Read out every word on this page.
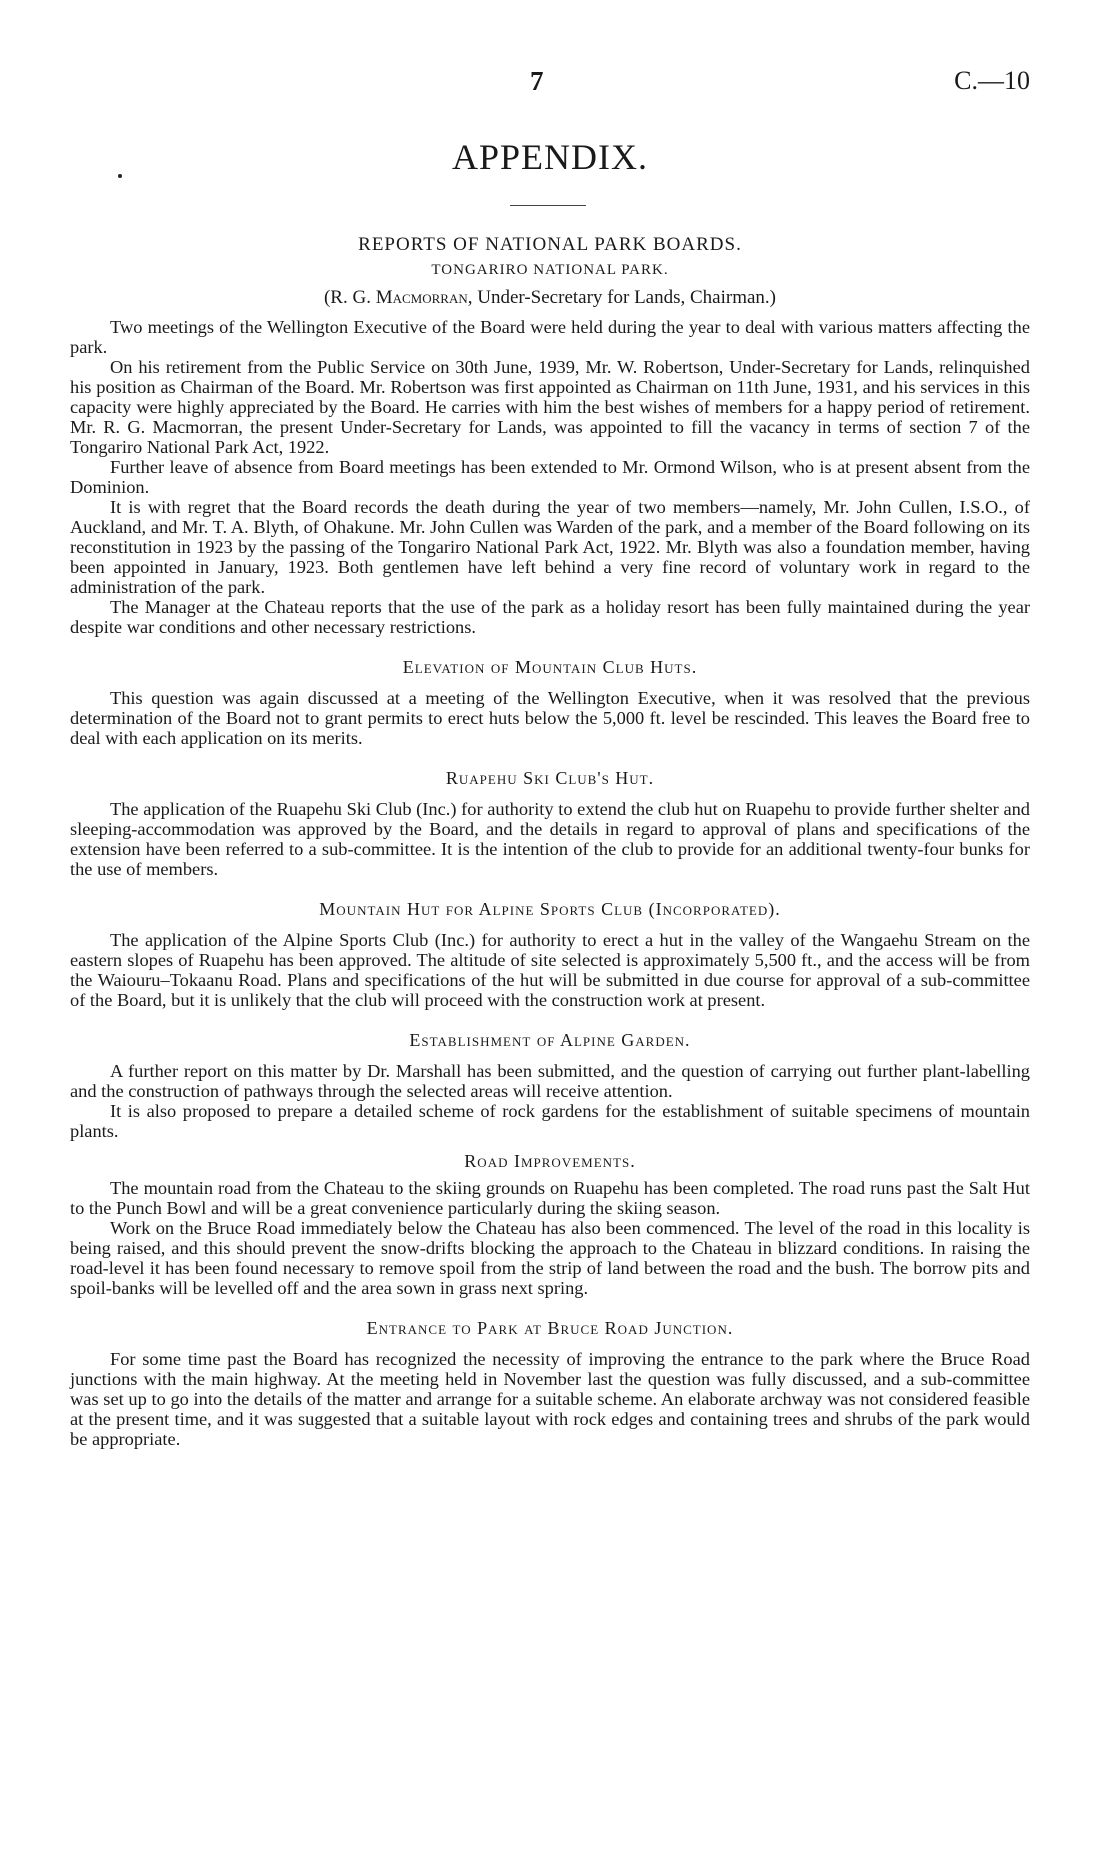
7	C.—10
APPENDIX.
REPORTS OF NATIONAL PARK BOARDS.
TONGARIRO NATIONAL PARK.
(R. G. Macmorran, Under-Secretary for Lands, Chairman.)

Two meetings of the Wellington Executive of the Board were held during the year to deal with various matters affecting the park.

On his retirement from the Public Service on 30th June, 1939, Mr. W. Robertson, Under-Secretary for Lands, relinquished his position as Chairman of the Board. Mr. Robertson was first appointed as Chairman on 11th June, 1931, and his services in this capacity were highly appreciated by the Board. He carries with him the best wishes of members for a happy period of retirement. Mr. R. G. Macmorran, the present Under-Secretary for Lands, was appointed to fill the vacancy in terms of section 7 of the Tongariro National Park Act, 1922.

Further leave of absence from Board meetings has been extended to Mr. Ormond Wilson, who is at present absent from the Dominion.

It is with regret that the Board records the death during the year of two members—namely, Mr. John Cullen, I.S.O., of Auckland, and Mr. T. A. Blyth, of Ohakune. Mr. John Cullen was Warden of the park, and a member of the Board following on its reconstitution in 1923 by the passing of the Tongariro National Park Act, 1922. Mr. Blyth was also a foundation member, having been appointed in January, 1923. Both gentlemen have left behind a very fine record of voluntary work in regard to the administration of the park.

The Manager at the Chateau reports that the use of the park as a holiday resort has been fully maintained during the year despite war conditions and other necessary restrictions.

Elevation of Mountain Club Huts.

This question was again discussed at a meeting of the Wellington Executive, when it was resolved that the previous determination of the Board not to grant permits to erect huts below the 5,000 ft. level be rescinded. This leaves the Board free to deal with each application on its merits.

Ruapehu Ski Club's Hut.

The application of the Ruapehu Ski Club (Inc.) for authority to extend the club hut on Ruapehu to provide further shelter and sleeping-accommodation was approved by the Board, and the details in regard to approval of plans and specifications of the extension have been referred to a sub-committee. It is the intention of the club to provide for an additional twenty-four bunks for the use of members.

Mountain Hut for Alpine Sports Club (Incorporated).

The application of the Alpine Sports Club (Inc.) for authority to erect a hut in the valley of the Wangaehu Stream on the eastern slopes of Ruapehu has been approved. The altitude of site selected is approximately 5,500 ft., and the access will be from the Waiouru–Tokaanu Road. Plans and specifications of the hut will be submitted in due course for approval of a sub-committee of the Board, but it is unlikely that the club will proceed with the construction work at present.

Establishment of Alpine Garden.

A further report on this matter by Dr. Marshall has been submitted, and the question of carrying out further plant-labelling and the construction of pathways through the selected areas will receive attention.

It is also proposed to prepare a detailed scheme of rock gardens for the establishment of suitable specimens of mountain plants.

Road Improvements.

The mountain road from the Chateau to the skiing grounds on Ruapehu has been completed. The road runs past the Salt Hut to the Punch Bowl and will be a great convenience particularly during the skiing season.

Work on the Bruce Road immediately below the Chateau has also been commenced. The level of the road in this locality is being raised, and this should prevent the snow-drifts blocking the approach to the Chateau in blizzard conditions. In raising the road-level it has been found necessary to remove spoil from the strip of land between the road and the bush. The borrow pits and spoil-banks will be levelled off and the area sown in grass next spring.

Entrance to Park at Bruce Road Junction.

For some time past the Board has recognized the necessity of improving the entrance to the park where the Bruce Road junctions with the main highway. At the meeting held in November last the question was fully discussed, and a sub-committee was set up to go into the details of the matter and arrange for a suitable scheme. An elaborate archway was not considered feasible at the present time, and it was suggested that a suitable layout with rock edges and containing trees and shrubs of the park would be appropriate.
